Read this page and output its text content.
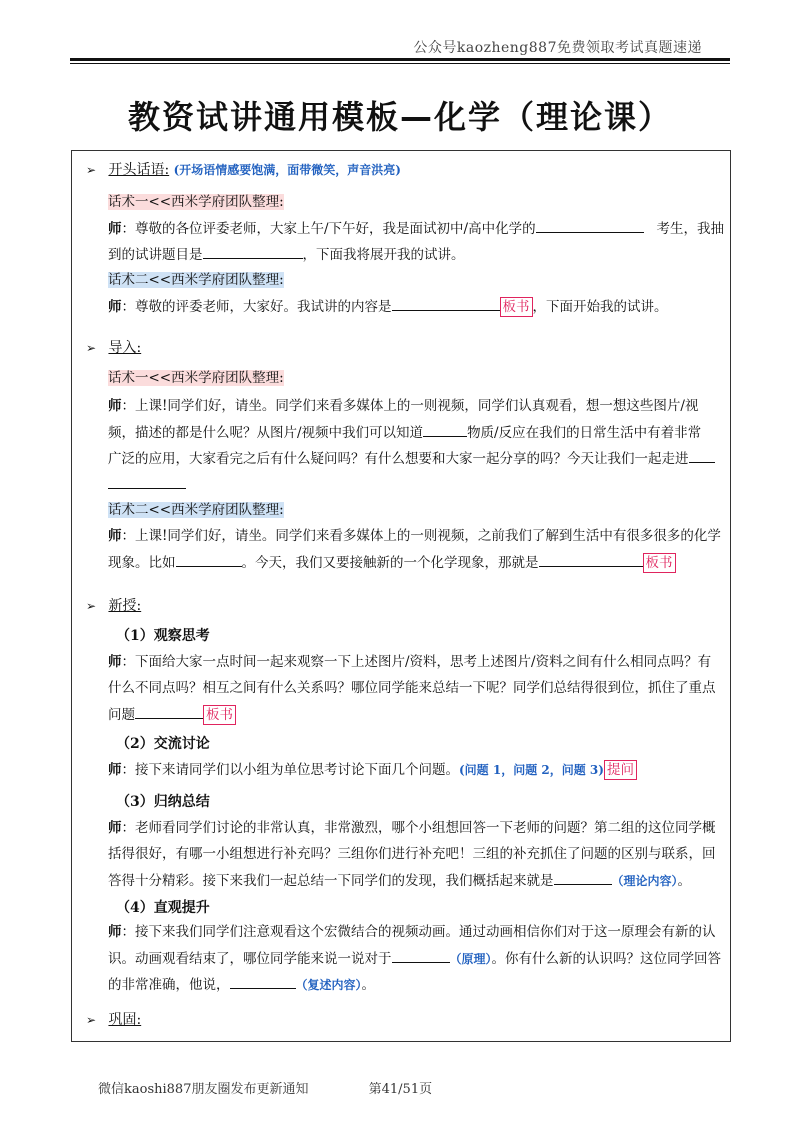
公众号kaozheng887免费领取考试真题速递
教资试讲通用模板—化学（理论课）
➢ 开头话语: (开场语情感要饱满，面带微笑，声音洪亮)
话术一<<西米学府团队整理:
师：尊敬的各位评委老师，大家上午/下午好，我是面试初中/高中化学的	考生，我抽
到的试讲题目是	，下面我将展开我的试讲。
话术二<<西米学府团队整理:
师：尊敬的评委老师，大家好。我试讲的内容是	板书 ，下面开始我的试讲。
➢ 导入:
话术一<<西米学府团队整理:
师：上课!同学们好，请坐。同学们来看多媒体上的一则视频，同学们认真观看，想一想这些图片/视
频，描述的都是什么呢？从图片/视频中我们可以知道	物质/反应在我们的日常生活中有着非常
广泛的应用，大家看完之后有什么疑问吗？有什么想要和大家一起分享的吗？今天让我们一起走进
话术二<<西米学府团队整理:
师：上课!同学们好，请坐。同学们来看多媒体上的一则视频，之前我们了解到生活中有很多很多的化学
现象。比如	。今天，我们又要接触新的一个化学现象，那就是	板书
➢ 新授:
（1）观察思考
师：下面给大家一点时间一起来观察一下上述图片/资料，思考上述图片/资料之间有什么相同点吗？有
什么不同点吗？相互之间有什么关系吗？哪位同学能来总结一下呢？同学们总结得很到位，抓住了重点
问题	板书
（2）交流讨论
师：接下来请同学们以小组为单位思考讨论下面几个问题。(问题 1，问题 2，问题 3) 提问
（3）归纳总结
师：老师看同学们讨论的非常认真，非常激烈，哪个小组想回答一下老师的问题？第二组的这位同学概
括得很好，有哪一小组想进行补充吗？三组你们进行补充吧！三组的补充抓住了问题的区别与联系，回
答得十分精彩。接下来我们一起总结一下同学们的发现，我们概括起来就是	（理论内容）。
（4）直观提升
师：接下来我们同学们注意观看这个宏微结合的视频动画。通过动画相信你们对于这一原理会有新的认
识。动画观看结束了，哪位同学能来说一说对于	（原理）。你有什么新的认识吗？这位同学回答
的非常准确，他说，	（复述内容）。
➢ 巩固:
微信kaoshi887朋友圈发布更新通知	第41/51页
